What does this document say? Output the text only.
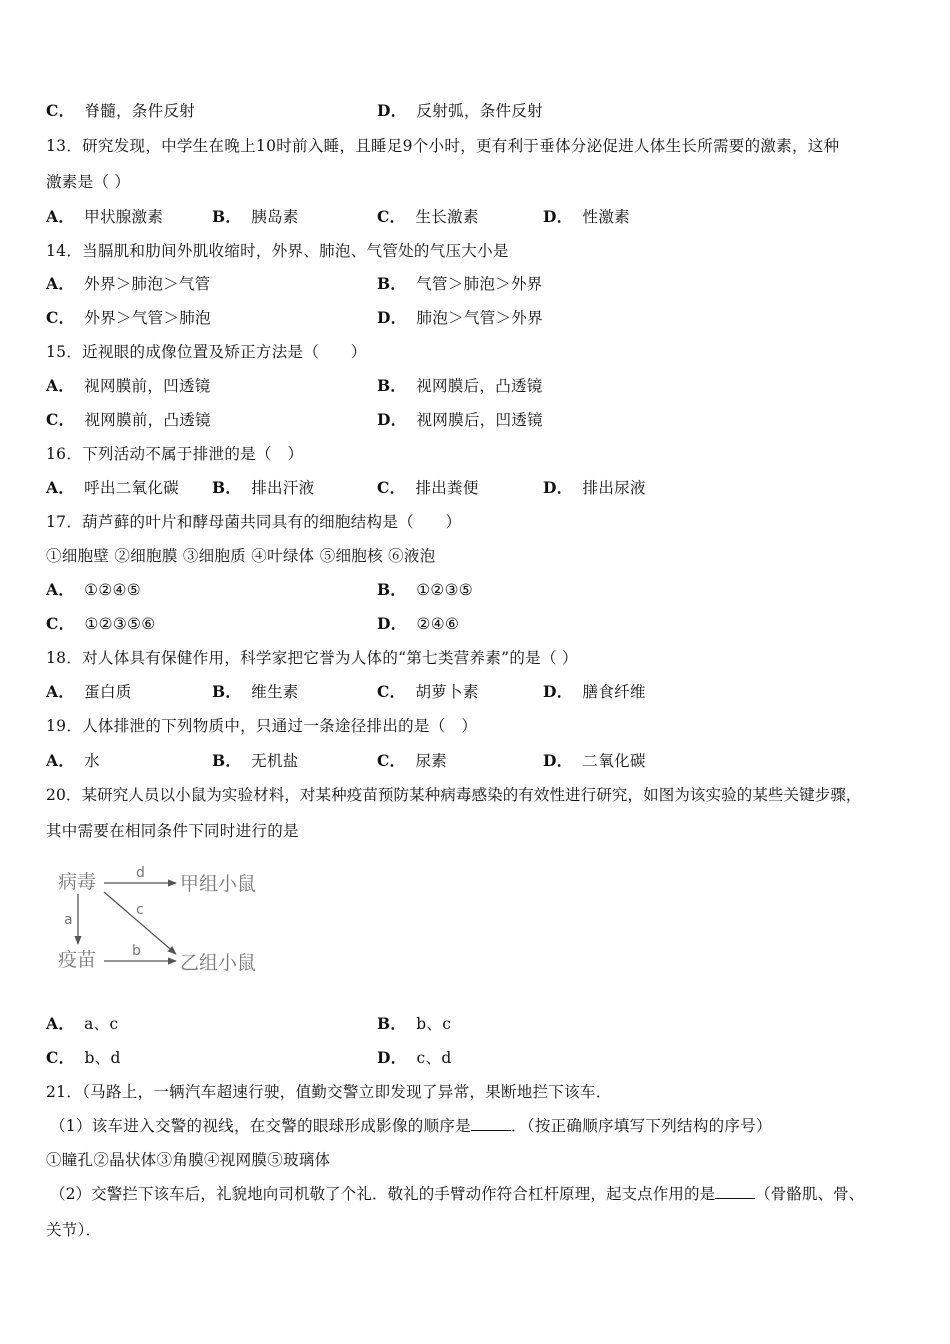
C． 脊髓，条件反射	D． 反射弧，条件反射
13．研究发现，中学生在晚上10时前入睡，且睡足9个小时，更有利于垂体分泌促进人体生长所需要的激素，这种
激素是（ ）
A． 甲状腺激素	B． 胰岛素	C． 生长激素	D． 性激素
14．当膈肌和肋间外肌收缩时，外界、肺泡、气管处的气压大小是
A． 外界＞肺泡＞气管	B． 气管＞肺泡＞外界
C． 外界＞气管＞肺泡	D． 肺泡＞气管＞外界
15．近视眼的成像位置及矫正方法是（　　）
A． 视网膜前，凹透镜	B． 视网膜后，凸透镜
C． 视网膜前，凸透镜	D． 视网膜后，凹透镜
16．下列活动不属于排泄的是（　）
A． 呼出二氧化碳 B． 排出汗液	C． 排出粪便	D． 排出尿液
17．葫芦藓的叶片和酵母菌共同具有的细胞结构是（　　）
①细胞壁 ②细胞膜 ③细胞质 ④叶绿体 ⑤细胞核 ⑥液泡
A． ①②④⑤	B． ①②③⑤
C． ①②③⑤⑥	D． ②④⑥
18．对人体具有保健作用，科学家把它誉为人体的“第七类营养素”的是（ ）
A． 蛋白质	B． 维生素	C． 胡萝卜素	D． 膳食纤维
19．人体排泄的下列物质中，只通过一条途径排出的是（　）
A． 水	B． 无机盐	C． 尿素	D． 二氧化碳
20．某研究人员以小鼠为实验材料，对某种疫苗预防某种病毒感染的有效性进行研究，如图为该实验的某些关键步骤，
其中需要在相同条件下同时进行的是
病毒
疫苗
甲组小鼠
乙组小鼠
d
a
c
b
A． a、c	B． b、c
C． b、d	D． c、d
21．（马路上，一辆汽车超速行驶，值勤交警立即发现了异常，果断地拦下该车．
（1）该车进入交警的视线，在交警的眼球形成影像的顺序是	．（按正确顺序填写下列结构的序号）
①瞳孔②晶状体③角膜④视网膜⑤玻璃体
（2）交警拦下该车后，礼貌地向司机敬了个礼．敬礼的手臂动作符合杠杆原理，起支点作用的是	（骨骼肌、骨、
关节）．
